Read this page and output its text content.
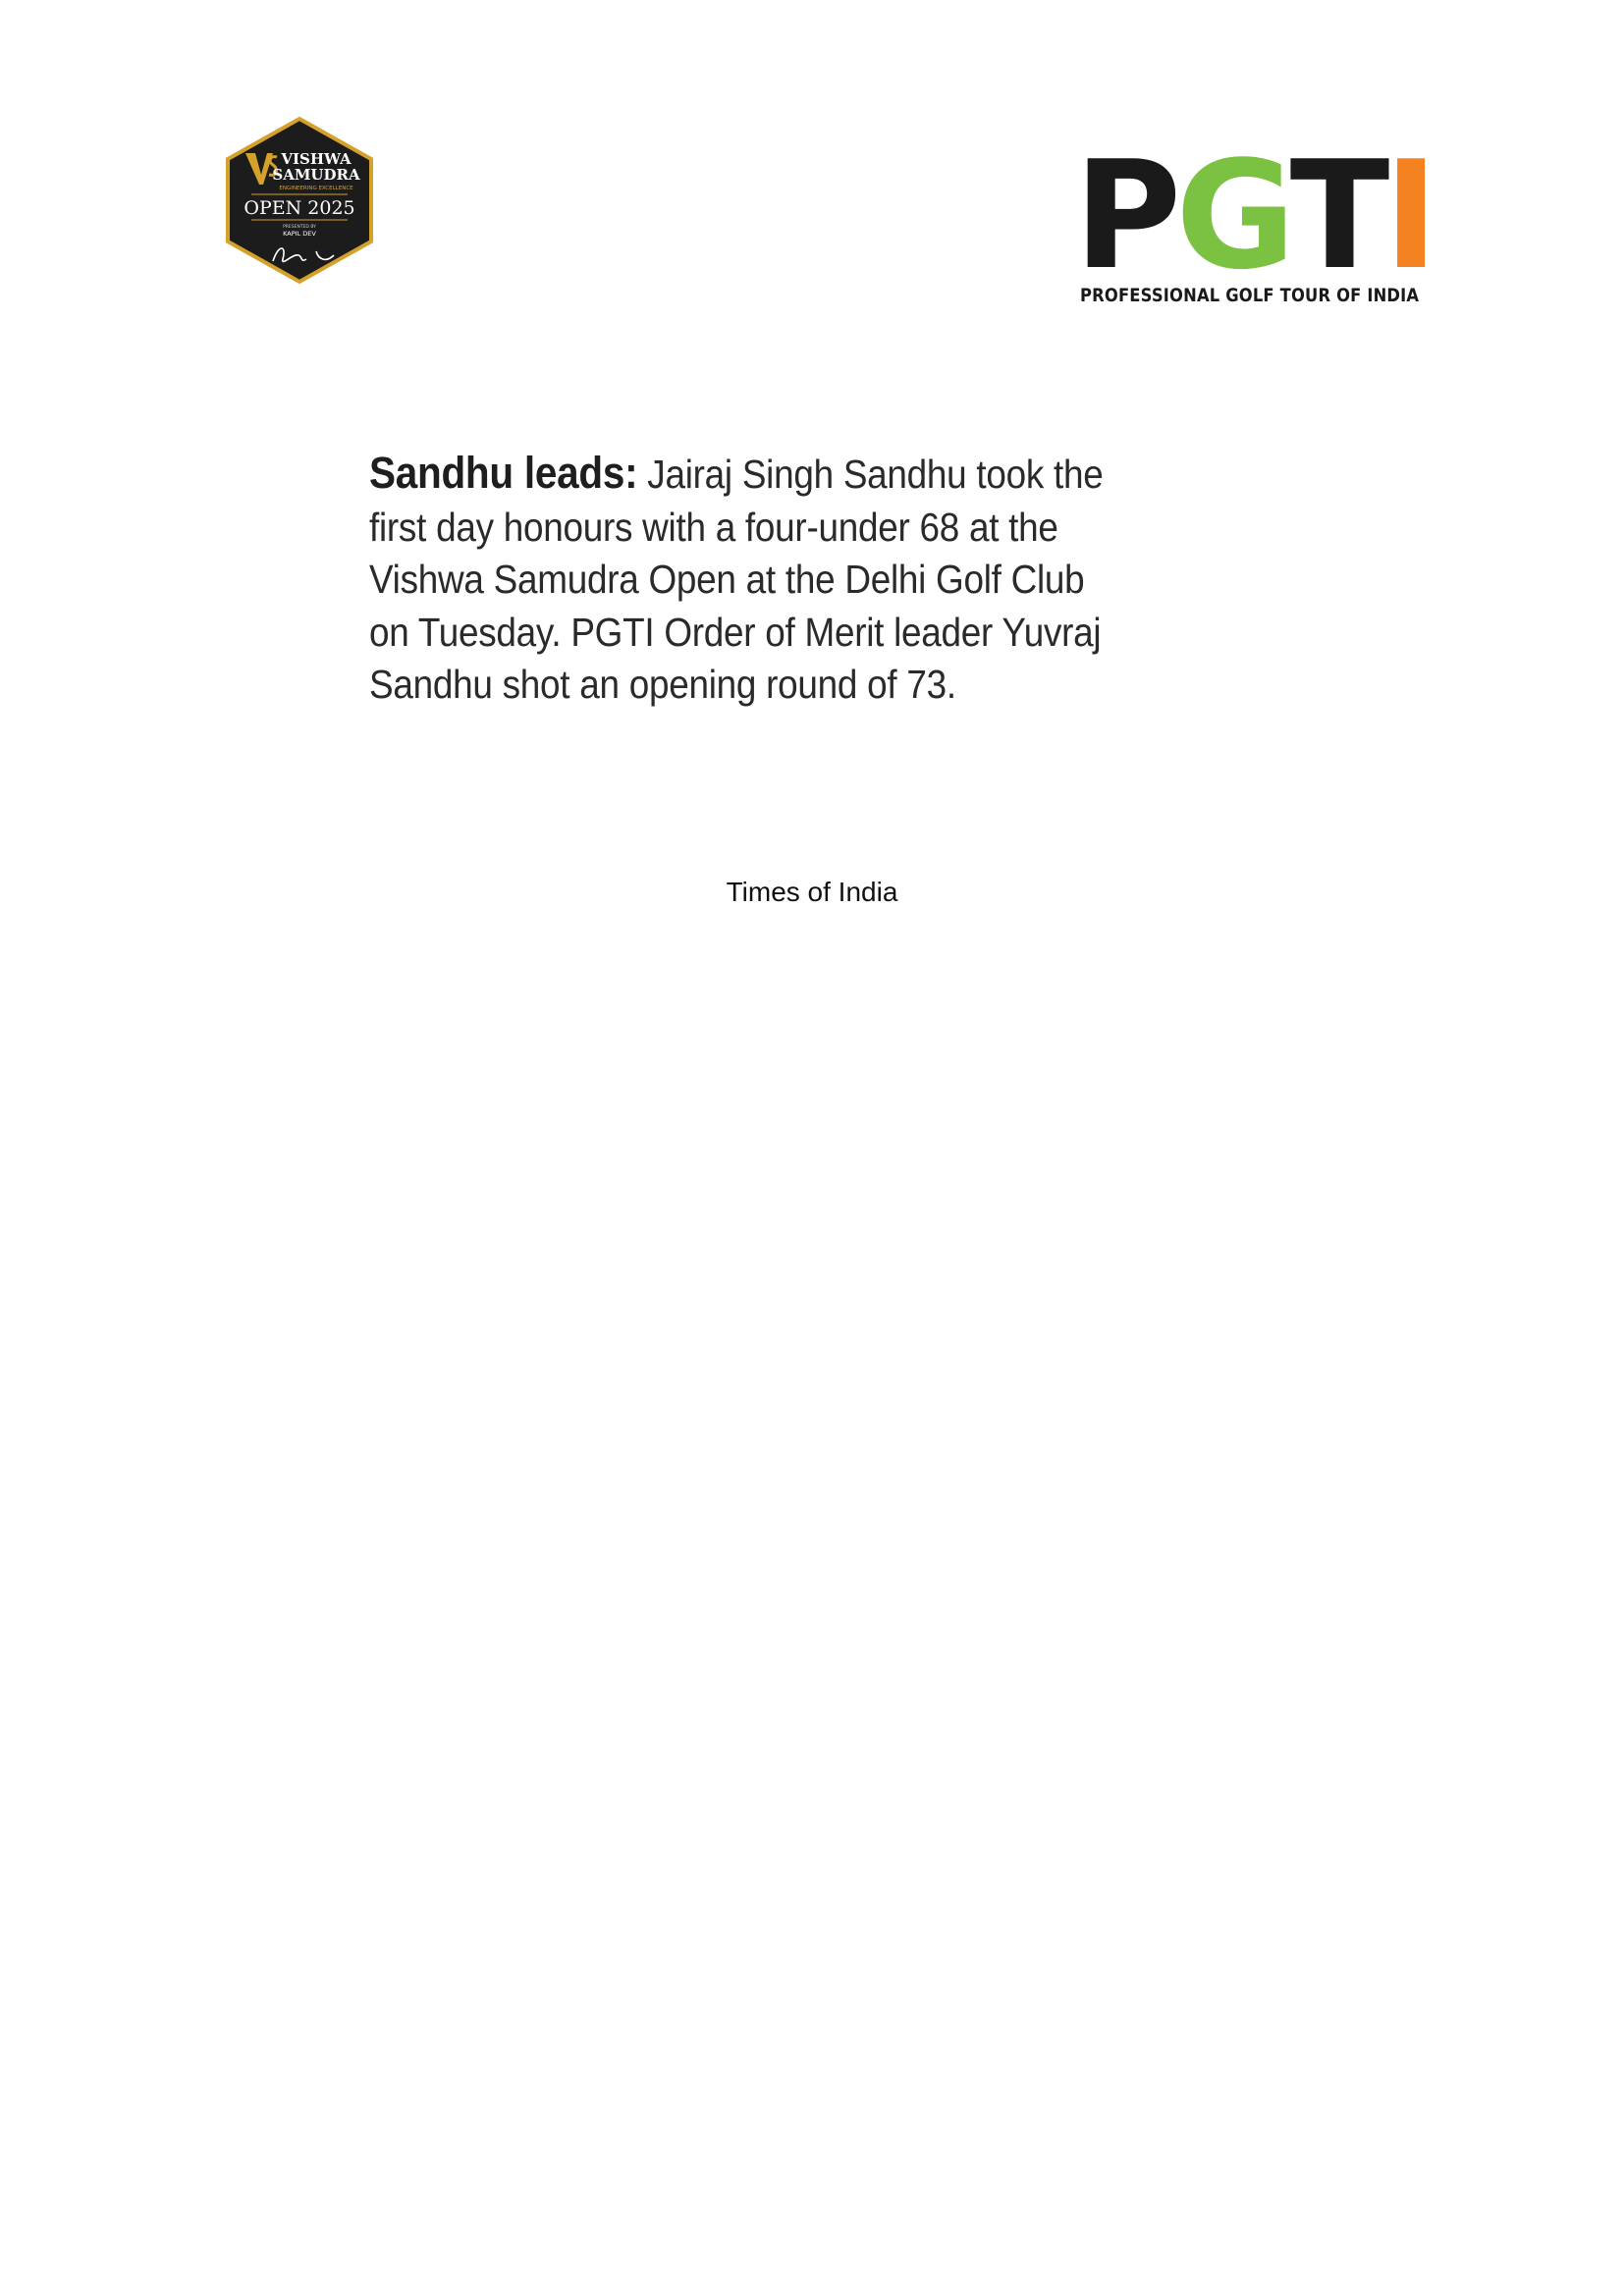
VISHWA
SAMUDRA
ENGINEERING EXCELLENCE
OPEN 2025
PRESENTED BY
KAPIL DEV	PGTI
PROFESSIONAL GOLF TOUR OF INDIA
Sandhu leads: Jairaj Singh Sandhu took the
first day honours with a four-under 68 at the
Vishwa Samudra Open at the Delhi Golf Club
on Tuesday. PGTI Order of Merit leader Yuvraj
Sandhu shot an opening round of 73.
Times of India
